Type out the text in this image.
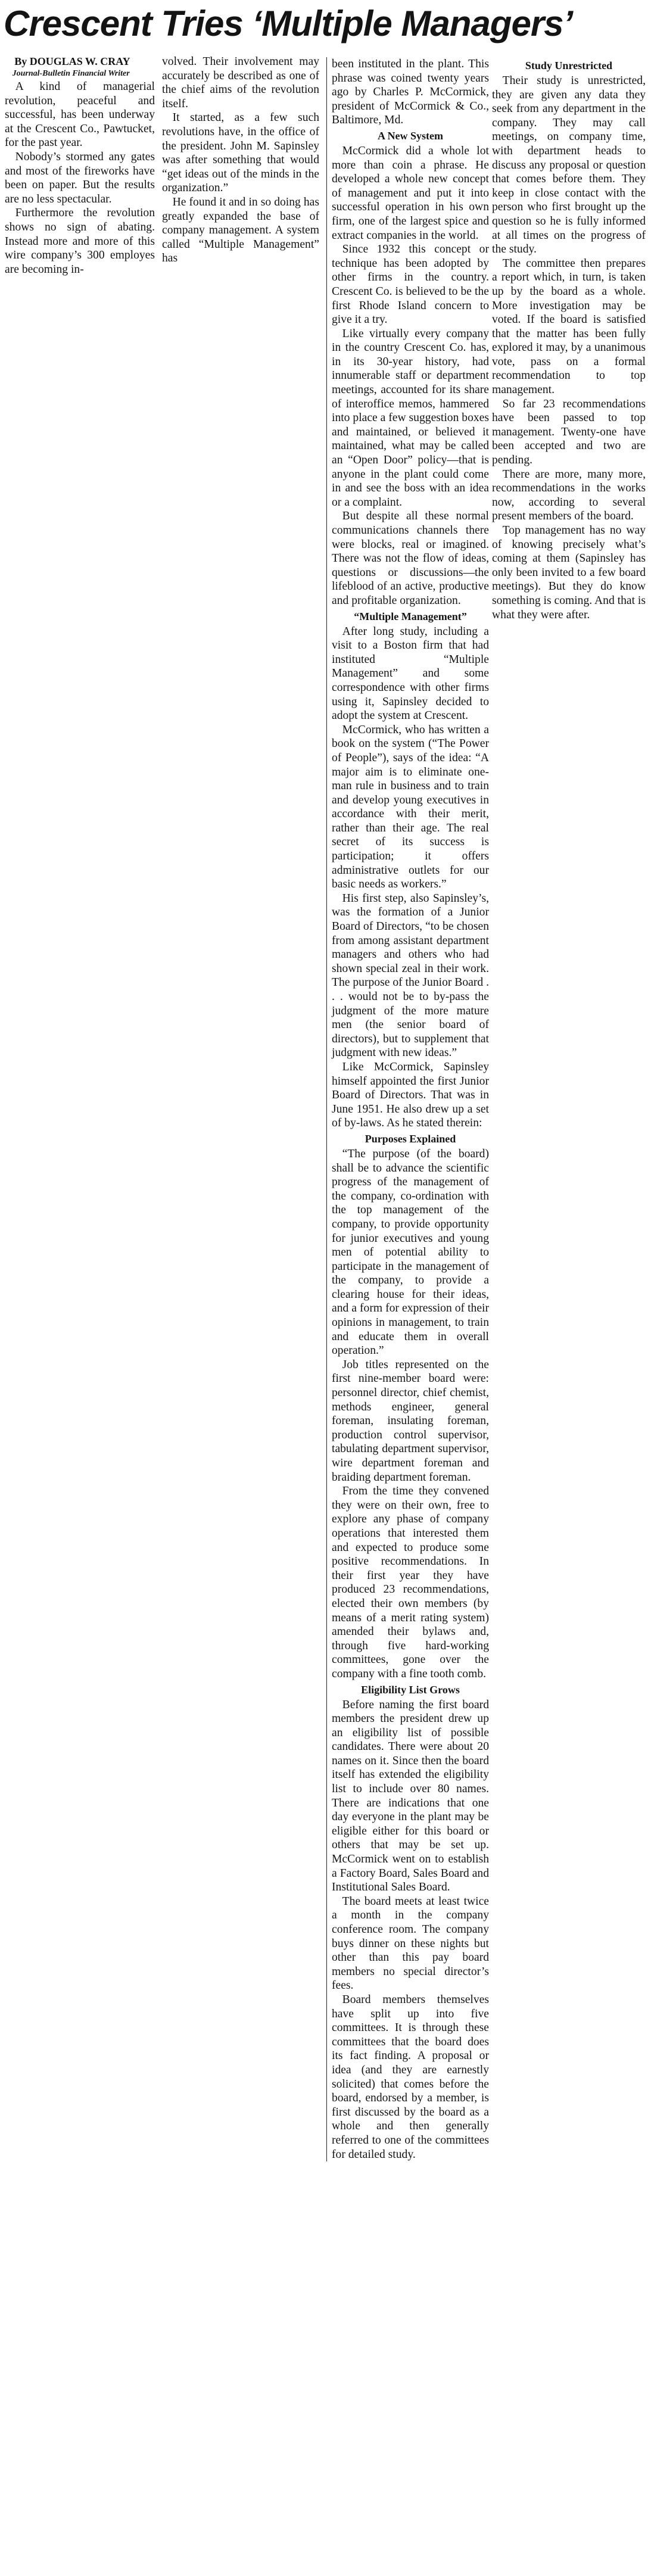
Crescent Tries ‘Multiple Managers’

By DOUGLAS W. CRAY

Journal-Bulletin Financial Writer

A kind of managerial revolution, peaceful and successful, has been underway at the Crescent Co., Pawtucket, for the past year.

Nobody’s stormed any gates and most of the fireworks have been on paper. But the results are no less spectacular.

Furthermore the revolution shows no sign of abating. Instead more and more of this wire company’s 300 employes are becoming in-

volved. Their involvement may accurately be described as one of the chief aims of the revolution itself.

It started, as a few such revolutions have, in the office of the president. John M. Sapinsley was after something that would “get ideas out of the minds in the organization.”

He found it and in so doing has greatly expanded the base of company management. A system called “Multiple Management” has

been instituted in the plant. This phrase was coined twenty years ago by Charles P. McCormick, president of McCormick & Co., Baltimore, Md.

A New System

McCormick did a whole lot more than coin a phrase. He developed a whole new concept of management and put it into successful operation in his own firm, one of the largest spice and extract companies in the world.

Since 1932 this concept or technique has been adopted by other firms in the country. Crescent Co. is believed to be the first Rhode Island concern to give it a try.

Like virtually every company in the country Crescent Co. has, in its 30-year history, had innumerable staff or department meetings, accounted for its share of interoffice memos, hammered into place a few suggestion boxes and maintained, or believed it maintained, what may be called an “Open Door” policy—that is anyone in the plant could come in and see the boss with an idea or a complaint.

But despite all these normal communications channels there were blocks, real or imagined. There was not the flow of ideas, questions or discussions—the lifeblood of an active, productive and profitable organization.

“Multiple Management”

After long study, including a visit to a Boston firm that had instituted “Multiple Management” and some correspondence with other firms using it, Sapinsley decided to adopt the system at Crescent.

McCormick, who has written a book on the system (“The Power of People”), says of the idea: “A major aim is to eliminate one-man rule in business and to train and develop young executives in accordance with their merit, rather than their age. The real secret of its success is participation; it offers administrative outlets for our basic needs as workers.”

His first step, also Sapinsley’s, was the formation of a Junior Board of Directors, “to be chosen from among assistant department managers and others who had shown special zeal in their work. The purpose of the Junior Board . . . would not be to by-pass the judgment of the more mature men (the senior board of directors), but to supplement that judgment with new ideas.”

Like McCormick, Sapinsley himself appointed the first Junior Board of Directors. That was in June 1951. He also drew up a set of by-laws. As he stated therein:

Purposes Explained

“The purpose (of the board) shall be to advance the scientific progress of the management of the company, co-ordination with the top management of the company, to provide opportunity for junior executives and young men of potential ability to participate in the management of the company, to provide a clearing house for their ideas, and a form for expression of their opinions in management, to train and educate them in overall operation.”

Job titles represented on the first nine-member board were: personnel director, chief chemist, methods engineer, general foreman, insulating foreman, production control supervisor, tabulating department supervisor, wire department foreman and braiding department foreman.

From the time they convened they were on their own, free to explore any phase of company operations that interested them and expected to produce some positive recommendations. In their first year they have produced 23 recommendations, elected their own members (by means of a merit rating system) amended their bylaws and, through five hard-working committees, gone over the company with a fine tooth comb.

Eligibility List Grows

Before naming the first board members the president drew up an eligibility list of possible candidates. There were about 20 names on it. Since then the board itself has extended the eligibility list to include over 80 names. There are indications that one day everyone in the plant may be eligible either for this board or others that may be set up. McCormick went on to establish a Factory Board, Sales Board and Institutional Sales Board.

The board meets at least twice a month in the company conference room. The company buys dinner on these nights but other than this pay board members no special director’s fees.

Board members themselves have split up into five committees. It is through these committees that the board does its fact finding. A proposal or idea (and they are earnestly solicited) that comes before the board, endorsed by a member, is first discussed by the board as a whole and then generally referred to one of the committees for detailed study.

Study Unrestricted

Their study is unrestricted, they are given any data they seek from any department in the company. They may call meetings, on company time, with department heads to discuss any proposal or question that comes before them. They keep in close contact with the person who first brought up the question so he is fully informed at all times on the progress of the study.

The committee then prepares a report which, in turn, is taken up by the board as a whole. More investigation may be voted. If the board is satisfied that the matter has been fully explored it may, by a unanimous vote, pass on a formal recommendation to top management.

So far 23 recommendations have been passed to top management. Twenty-one have been accepted and two are pending.

There are more, many more, recommendations in the works now, according to several present members of the board.

Top management has no way of knowing precisely what’s coming at them (Sapinsley has only been invited to a few board meetings). But they do know something is coming. And that is what they were after.
